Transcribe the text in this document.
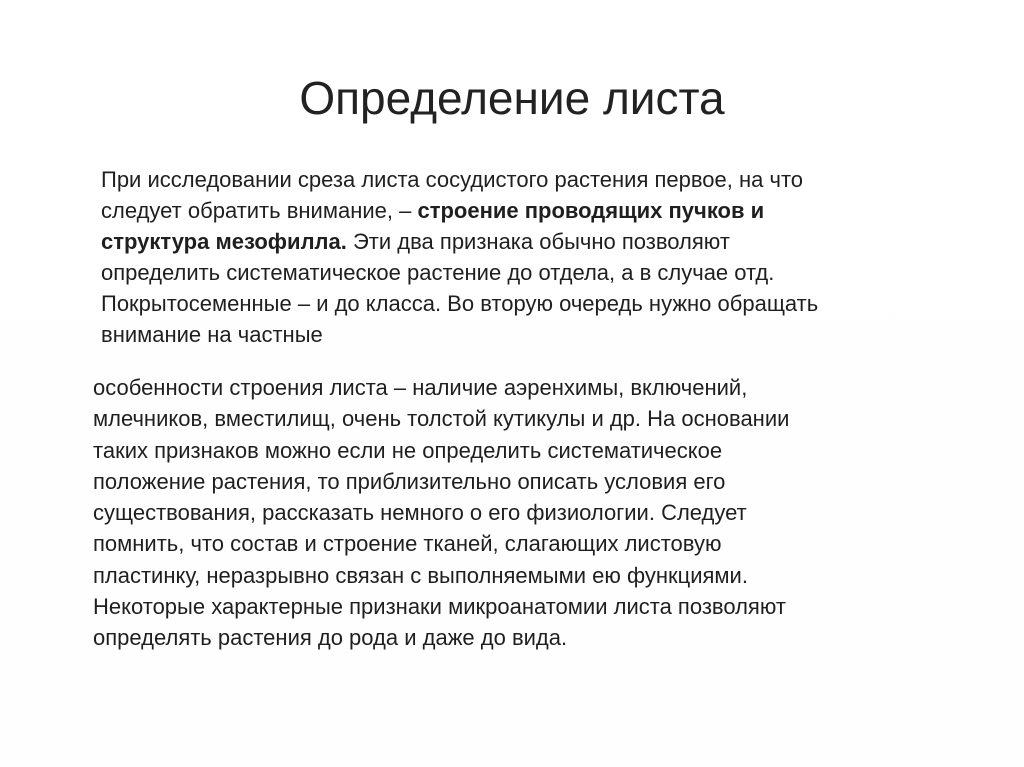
Определение листа
При исследовании среза листа сосудистого растения первое, на что
следует обратить внимание, – строение проводящих пучков и
структура мезофилла. Эти два признака обычно позволяют
определить систематическое растение до отдела, а в случае отд.
Покрытосеменные – и до класса. Во вторую очередь нужно обращать
внимание на частные
особенности строения листа – наличие аэренхимы, включений,
млечников, вместилищ, очень толстой кутикулы и др. На основании
таких признаков можно если не определить систематическое
положение растения, то приблизительно описать условия его
существования, рассказать немного о его физиологии. Следует
помнить, что состав и строение тканей, слагающих листовую
пластинку, неразрывно связан с выполняемыми ею функциями.
Некоторые характерные признаки микроанатомии листа позволяют
определять растения до рода и даже до вида.
